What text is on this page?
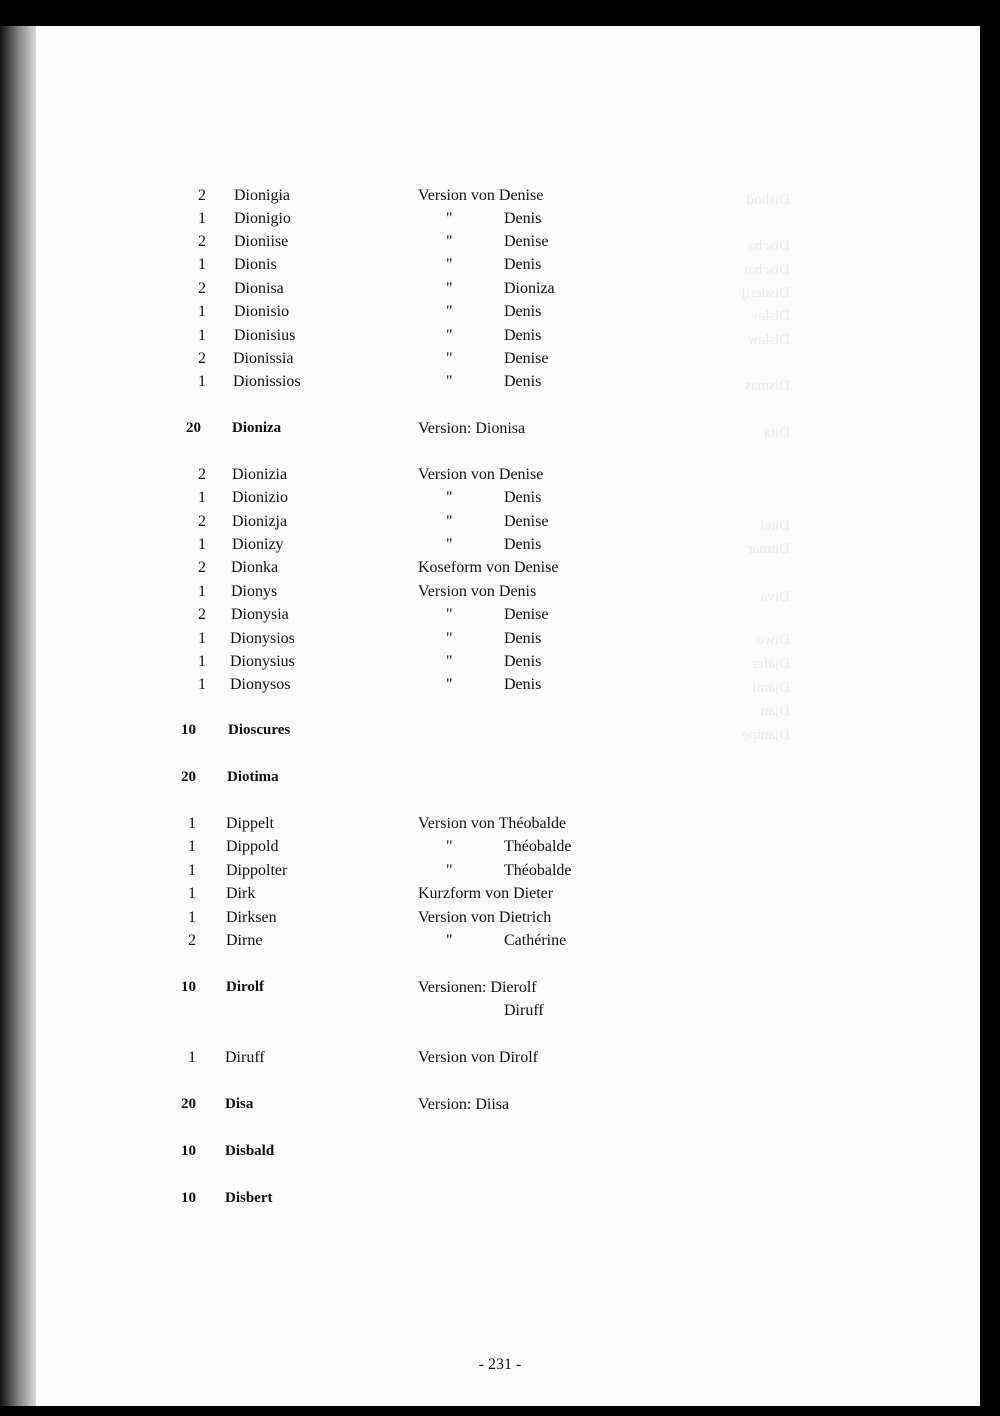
Disbod
Discha
Dischar
Disderij
Dislav
Dislaw
Dismas
Dita
Ditel
Ditmar
Diva
Diwo
Djafer
Djami
Djan
Djanipe
2 Dionigia	Version von Denise
1 Dionigio	"	Denis
2 Dioniise	"	Denise
1 Dionis	"	Denis
2 Dionisa	"	Dioniza
1 Dionisio	"	Denis
1 Dionisius	"	Denis
2 Dionissia	"	Denise
1 Dionissios	"	Denis
20 Dioniza	Version: Dionisa
2 Dionizia	Version von Denise
1 Dionizio	"	Denis
2 Dionizja	"	Denise
1 Dionizy	"	Denis
2 Dionka	Koseform von Denise
1 Dionys	Version von Denis
2 Dionysia	"	Denise
1 Dionysios	"	Denis
1 Dionysius	"	Denis
1 Dionysos	"	Denis
10 Dioscures
20 Diotima
1 Dippelt	Version von Théobalde
1 Dippold	"	Théobalde
1 Dippolter	"	Théobalde
1 Dirk	Kurzform von Dieter
1 Dirksen	Version von Dietrich
2 Dirne	"	Cathérine
10 Dirolf	Versionen: Dierolf
Diruff
1 Diruff	Version von Dirolf
20 Disa	Version: Diisa
10 Disbald
10 Disbert
- 231 -
